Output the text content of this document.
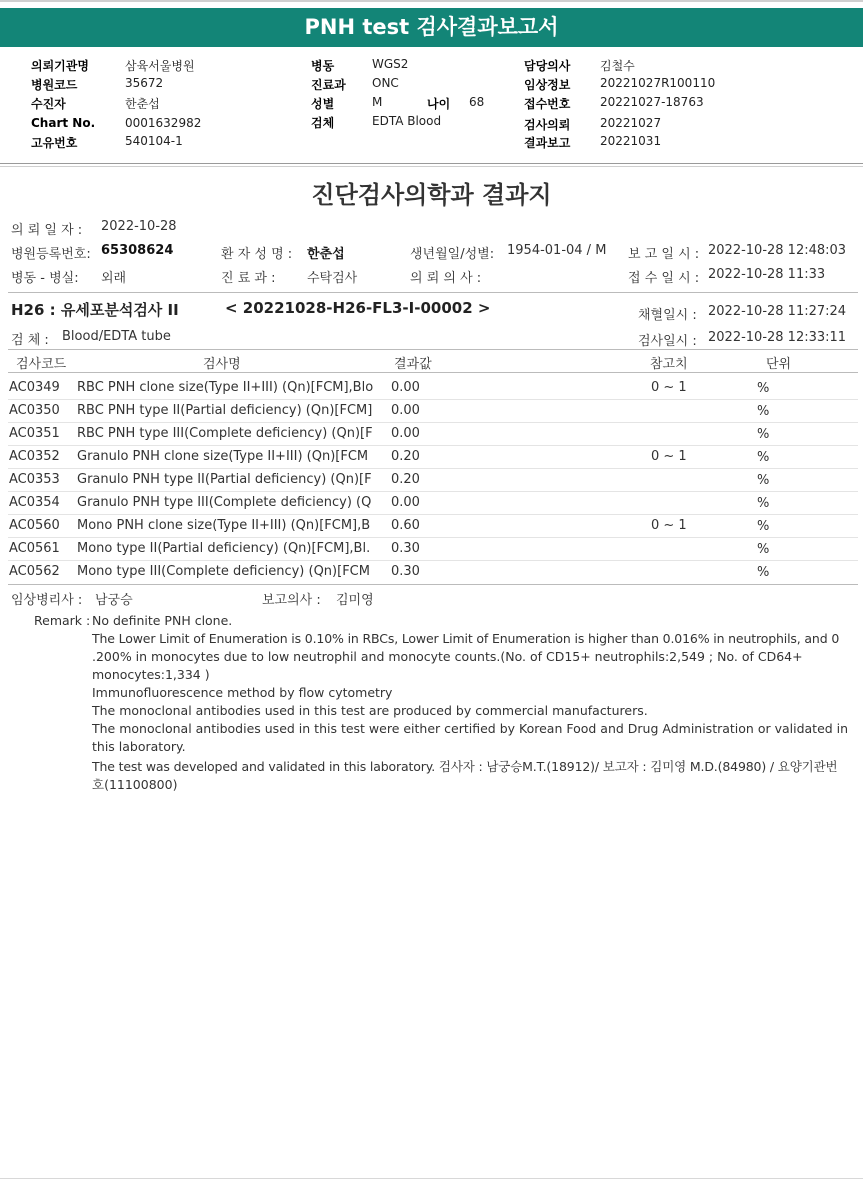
PNH test 검사결과보고서
의뢰기관명	삼육서울병원
병원코드	35672
수진자	한춘섭
Chart No. 0001632982
고유번호	540104-1
병동	WGS2
진료과 ONC
성별	M	나이 68
검체	EDTA Blood
담당의사 김철수
임상정보 20221027R100110
접수번호 20221027-18763
검사의뢰 20221027
결과보고 20221031
진단검사의학과 결과지
의 뢰 일 자 : 2022-10-28
병원등록번호: 65308624	환 자 성 명 : 한춘섭	생년월일/성별: 1954-01-04 / M 보 고 일 시 : 2022-10-28 12:48:03
병동 - 병실: 외래	진 료 과 : 수탁검사	의 뢰 의 사 :	접 수 일 시 : 2022-10-28 11:33
H26 : 유세포분석검사 II	< 20221028-H26-FL3-I-00002 >	채혈일시 : 2022-10-28 11:27:24
검 체 : Blood/EDTA tube	검사일시 : 2022-10-28 12:33:11
검사코드	검사명	결과값	참고치	단위
AC0349 RBC PNH clone size(Type II+III) (Qn)[FCM],Blo 0.00	0 ~ 1	%
AC0350 RBC PNH type II(Partial deficiency) (Qn)[FCM] 0.00	%
AC0351 RBC PNH type III(Complete deficiency) (Qn)[F 0.00	%
AC0352 Granulo PNH clone size(Type II+III) (Qn)[FCM 0.20	0 ~ 1	%
AC0353 Granulo PNH type II(Partial deficiency) (Qn)[F 0.20	%
AC0354 Granulo PNH type III(Complete deficiency) (Q 0.00	%
AC0560 Mono PNH clone size(Type II+III) (Qn)[FCM],B 0.60	0 ~ 1	%
AC0561 Mono type II(Partial deficiency) (Qn)[FCM],Bl. 0.30	%
AC0562 Mono type III(Complete deficiency) (Qn)[FCM 0.30	%
임상병리사 : 남궁승	보고의사 : 김미영
Remark : No definite PNH clone.
The Lower Limit of Enumeration is 0.10% in RBCs, Lower Limit of Enumeration is higher than 0.016% in neutrophils, and 0
.200% in monocytes due to low neutrophil and monocyte counts.(No. of CD15+ neutrophils:2,549 ; No. of CD64+
monocytes:1,334 )
Immunofluorescence method by flow cytometry
The monoclonal antibodies used in this test are produced by commercial manufacturers.
The monoclonal antibodies used in this test were either certified by Korean Food and Drug Administration or validated in
this laboratory.
The test was developed and validated in this laboratory. 검사자 : 남궁승M.T.(18912)/ 보고자 : 김미영 M.D.(84980) / 요양기관번
호(11100800)
